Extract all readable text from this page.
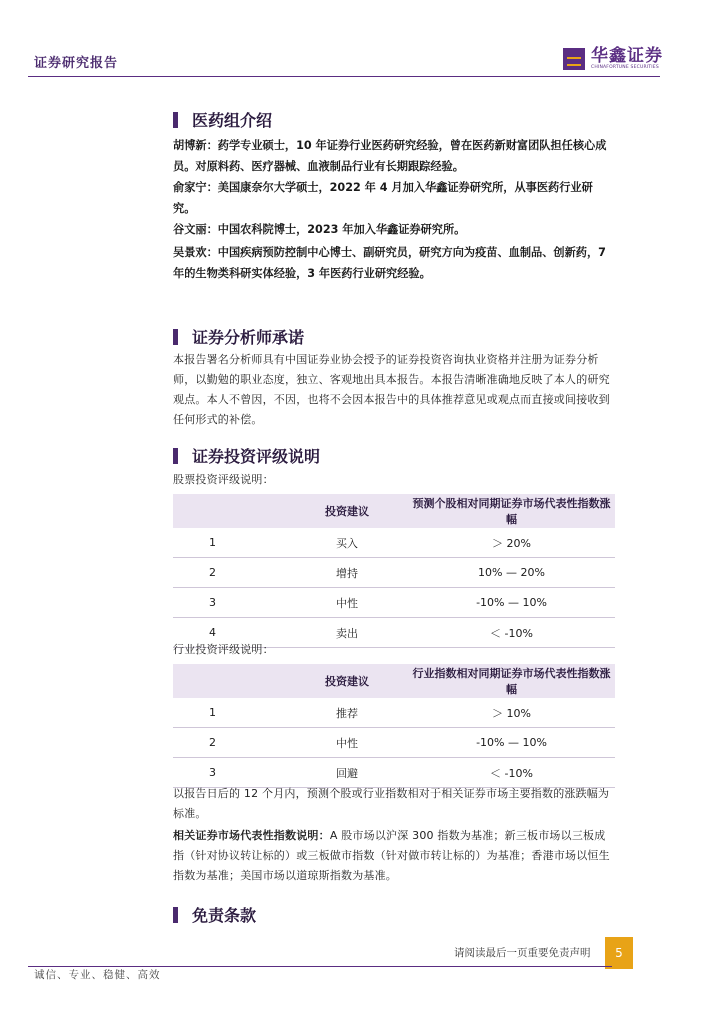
证券研究报告	华鑫证券
CHINAFORTUNE SECURITIES
医药组介绍

胡博新：药学专业硕士，10 年证券行业医药研究经验，曾在医药新财富团队担任核心成员。对原料药、医疗器械、血液制品行业有长期跟踪经验。

俞家宁：美国康奈尔大学硕士，2022 年 4 月加入华鑫证券研究所，从事医药行业研究。

谷文丽：中国农科院博士，2023 年加入华鑫证券研究所。

吴景欢：中国疾病预防控制中心博士、副研究员，研究方向为疫苗、血制品、创新药，7 年的生物类科研实体经验，3 年医药行业研究经验。

证券分析师承诺

本报告署名分析师具有中国证券业协会授予的证券投资咨询执业资格并注册为证券分析师，以勤勉的职业态度，独立、客观地出具本报告。本报告清晰准确地反映了本人的研究观点。本人不曾因，不因，也将不会因本报告中的具体推荐意见或观点而直接或间接收到任何形式的补偿。

证券投资评级说明

股票投资评级说明：

	投资建议	预测个股相对同期证券市场代表性指数涨幅
1	买入	＞ 20%
2	增持	10% — 20%
3	中性	-10% — 10%
4	卖出	＜ -10%

行业投资评级说明：

	投资建议	行业指数相对同期证券市场代表性指数涨幅
1	推荐	＞ 10%
2	中性	-10% — 10%
3	回避	＜ -10%

以报告日后的 12 个月内，预测个股或行业指数相对于相关证券市场主要指数的涨跌幅为标准。

相关证券市场代表性指数说明：A 股市场以沪深 300 指数为基准；新三板市场以三板成指（针对协议转让标的）或三板做市指数（针对做市转让标的）为基准；香港市场以恒生指数为基准；美国市场以道琼斯指数为基准。

免责条款
请阅读最后一页重要免责声明	5
诚信、专业、稳健、高效
